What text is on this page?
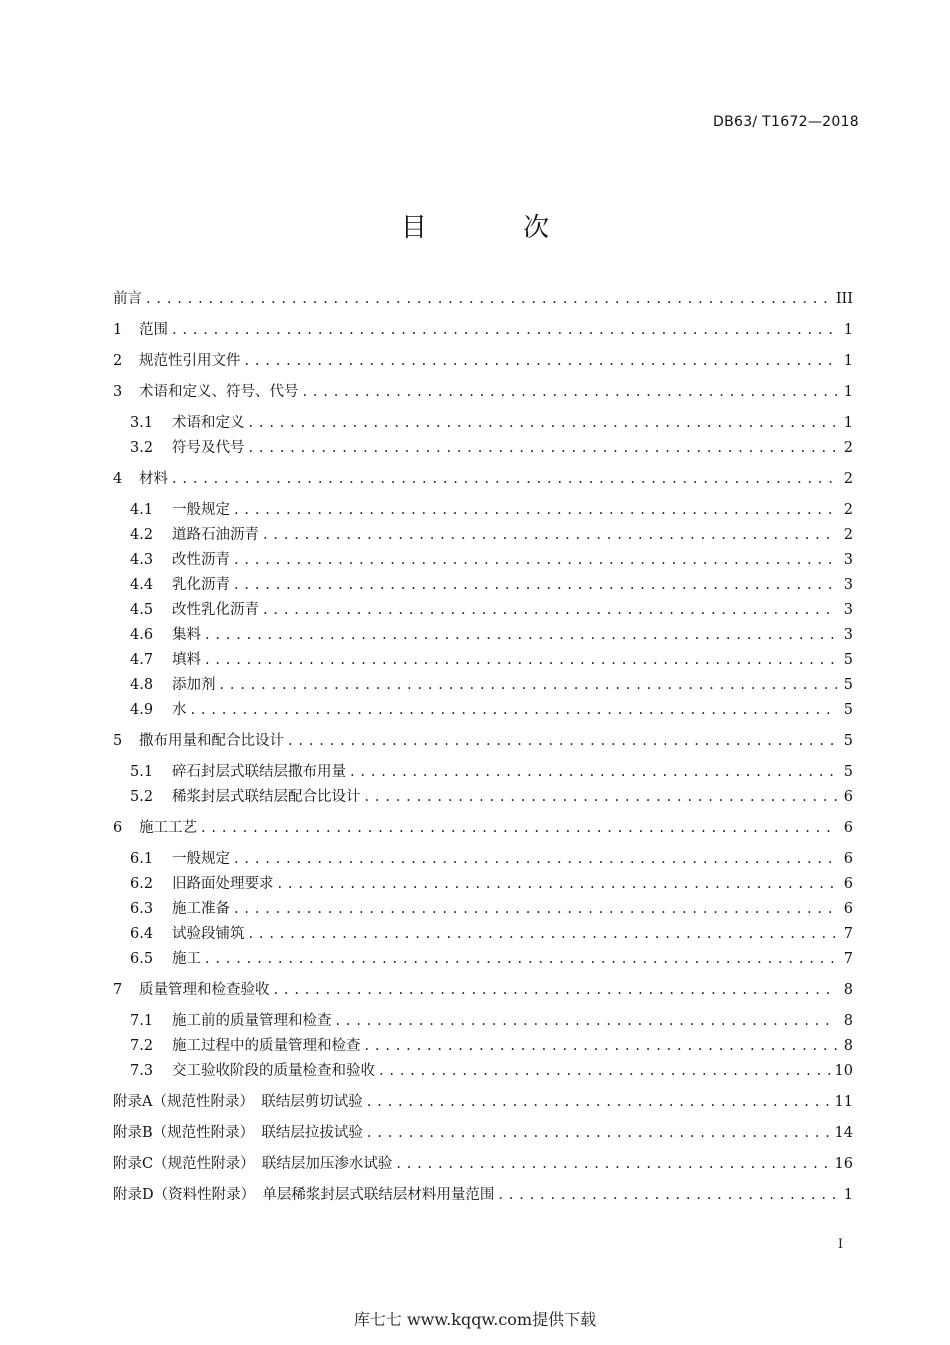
DB63/ T1672—2018
目 次
前言 . . .	III
1	范围 . . .	1
2	规范性引用文件 . . .	1
3	术语和定义、符号、代号 . . .	1
3.1	术语和定义 . . .	1
3.2	符号及代号 . . .	2
4	材料 . . .	2
4.1	一般规定 . . .	2
4.2	道路石油沥青 . . .	2
4.3	改性沥青 . . .	3
4.4	乳化沥青 . . .	3
4.5	改性乳化沥青 . . .	3
4.6	集料 . . .	3
4.7	填料 . . .	5
4.8	添加剂 . . .	5
4.9	水 . . .	5
5	撒布用量和配合比设计 . . .	5
5.1	碎石封层式联结层撒布用量 . . .	5
5.2	稀浆封层式联结层配合比设计 . . .	6
6	施工工艺 . . .	6
6.1	一般规定 . . .	6
6.2	旧路面处理要求 . . .	6
6.3	施工准备 . . .	6
6.4	试验段铺筑 . . .	7
6.5	施工 . . .	7
7	质量管理和检查验收 . . .	8
7.1	施工前的质量管理和检查 . . .	8
7.2	施工过程中的质量管理和检查 . . .	8
7.3	交工验收阶段的质量检查和验收 . . .	10
附录A（规范性附录）　联结层剪切试验 . . .	11
附录B（规范性附录）　联结层拉拔试验 . . .	14
附录C（规范性附录）　联结层加压渗水试验 . . .	16
附录D（资料性附录）　单层稀浆封层式联结层材料用量范围 . . .	1
I
库七七 www.kqqw.com提供下载
